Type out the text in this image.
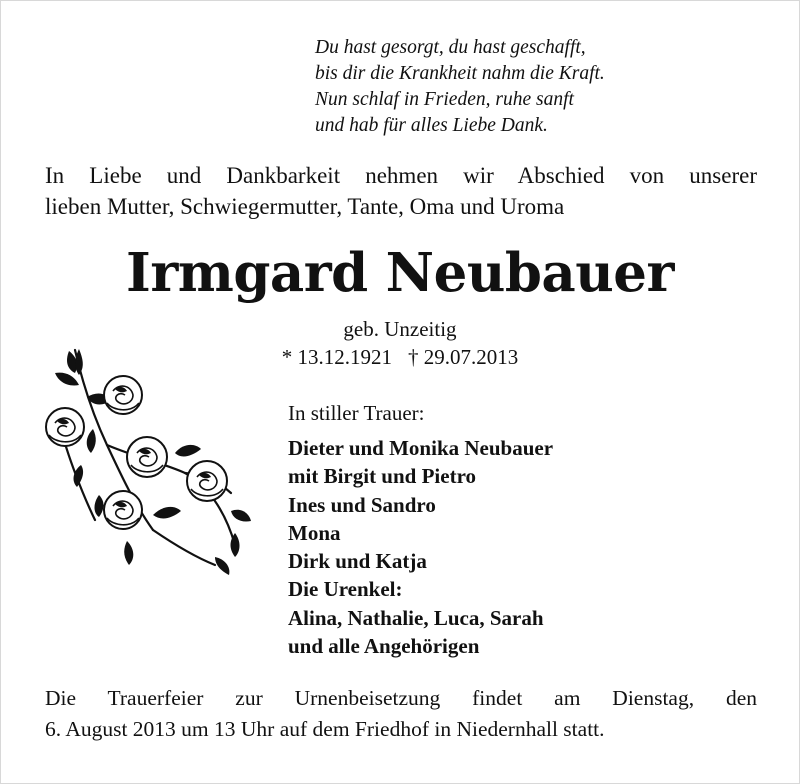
Du hast gesorgt, du hast geschafft,
bis dir die Krankheit nahm die Kraft.
Nun schlaf in Frieden, ruhe sanft
und hab für alles Liebe Dank.
In Liebe und Dankbarkeit nehmen wir Abschied von unserer
lieben Mutter, Schwiegermutter, Tante, Oma und Uroma
Irmgard Neubauer
geb. Unzeitig
* 13.12.1921 † 29.07.2013
In stiller Trauer:
Dieter und Monika Neubauer
mit Birgit und Pietro
Ines und Sandro
Mona
Dirk und Katja
Die Urenkel:
Alina, Nathalie, Luca, Sarah
und alle Angehörigen
Die Trauerfeier zur Urnenbeisetzung findet am Dienstag, den
6. August 2013 um 13 Uhr auf dem Friedhof in Niedernhall statt.
